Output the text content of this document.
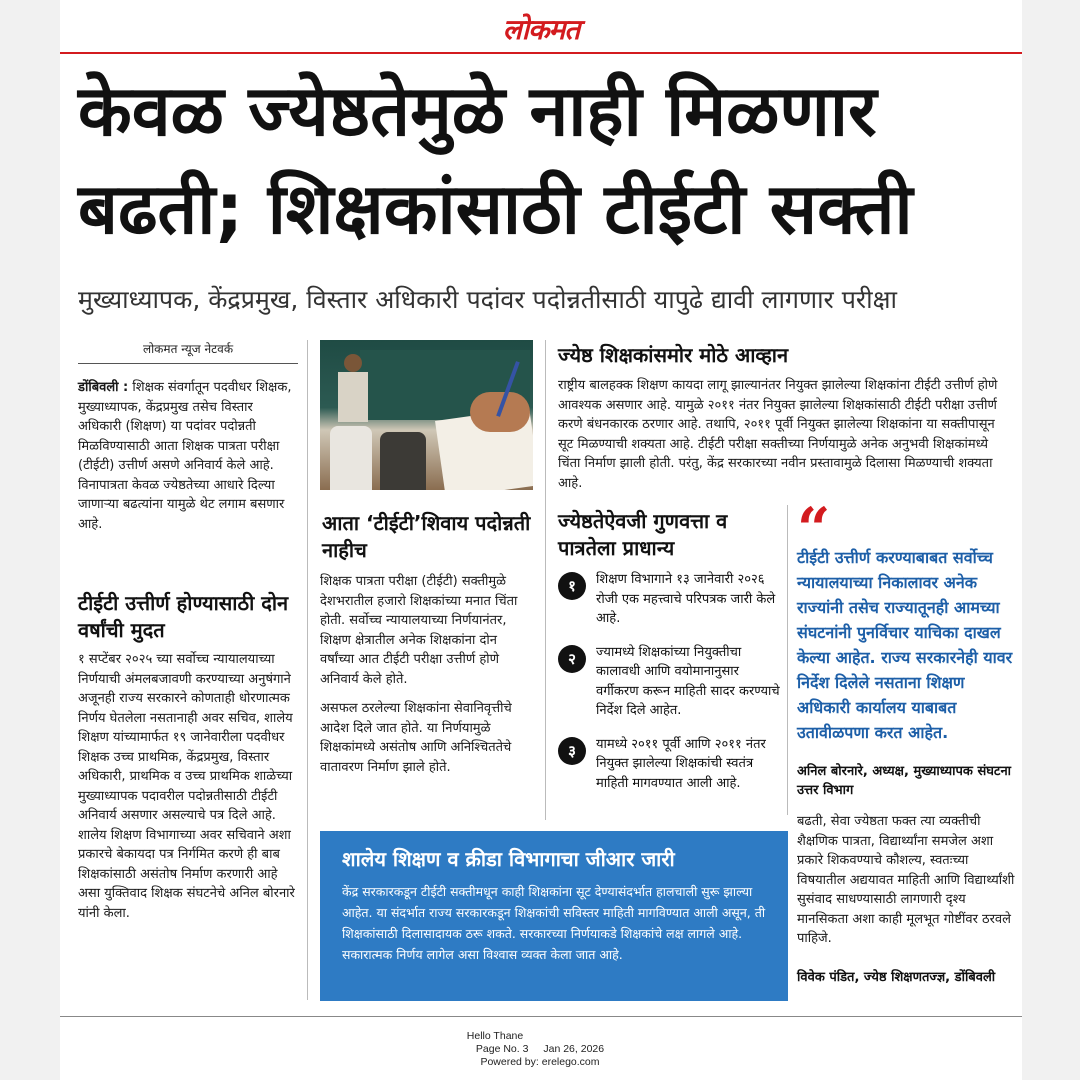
लोकमत
केवळ ज्येष्ठतेमुळे नाही मिळणार बढती; शिक्षकांसाठी टीईटी सक्ती

मुख्याध्यापक, केंद्रप्रमुख, विस्तार अधिकारी पदांवर पदोन्नतीसाठी यापुढे द्यावी लागणार परीक्षा

लोकमत न्यूज नेटवर्क
डोंबिवली : शिक्षक संवर्गातून पदवीधर शिक्षक, मुख्याध्यापक, केंद्रप्रमुख तसेच विस्तार अधिकारी (शिक्षण) या पदांवर पदोन्नती मिळविण्यासाठी आता शिक्षक पात्रता परीक्षा (टीईटी) उत्तीर्ण असणे अनिवार्य केले आहे. विनापात्रता केवळ ज्येष्ठतेच्या आधारे दिल्या जाणाऱ्या बढत्यांना यामुळे थेट लगाम बसणार आहे.
टीईटी उत्तीर्ण होण्यासाठी दोन वर्षांची मुदत
१ सप्टेंबर २०२५ च्या सर्वोच्च न्यायालयाच्या निर्णयाची अंमलबजावणी करण्याच्या अनुषंगाने अजूनही राज्य सरकारने कोणताही धोरणात्मक निर्णय घेतलेला नसतानाही अवर सचिव, शालेय शिक्षण यांच्यामार्फत १९ जानेवारीला पदवीधर शिक्षक उच्च प्राथमिक, केंद्रप्रमुख, विस्तार अधिकारी, प्राथमिक व उच्च प्राथमिक शाळेच्या मुख्याध्यापक पदावरील पदोन्नतीसाठी टीईटी अनिवार्य असणार असल्याचे पत्र दिले आहे. शालेय शिक्षण विभागाच्या अवर सचिवाने अशा प्रकारचे बेकायदा पत्र निर्गमित करणे ही बाब शिक्षकांसाठी असंतोष निर्माण करणारी आहे असा युक्तिवाद शिक्षक संघटनेचे अनिल बोरनारे यांनी केला.
आता ‘टीईटी’शिवाय पदोन्नती नाहीच

शिक्षक पात्रता परीक्षा (टीईटी) सक्तीमुळे देशभरातील हजारो शिक्षकांच्या मनात चिंता होती. सर्वोच्च न्यायालयाच्या निर्णयानंतर, शिक्षण क्षेत्रातील अनेक शिक्षकांना दोन वर्षांच्या आत टीईटी परीक्षा उत्तीर्ण होणे अनिवार्य केले होते.

असफल ठरलेल्या शिक्षकांना सेवानिवृत्तीचे आदेश दिले जात होते. या निर्णयामुळे शिक्षकांमध्ये असंतोष आणि अनिश्चिततेचे वातावरण निर्माण झाले होते.

ज्येष्ठ शिक्षकांसमोर मोठे आव्हान
राष्ट्रीय बालहक्क शिक्षण कायदा लागू झाल्यानंतर नियुक्त झालेल्या शिक्षकांना टीईटी उत्तीर्ण होणे आवश्यक असणार आहे. यामुळे २०११ नंतर नियुक्त झालेल्या शिक्षकांसाठी टीईटी परीक्षा उत्तीर्ण करणे बंधनकारक ठरणार आहे. तथापि, २०११ पूर्वी नियुक्त झालेल्या शिक्षकांना या सक्तीपासून सूट मिळण्याची शक्यता आहे. टीईटी परीक्षा सक्तीच्या निर्णयामुळे अनेक अनुभवी शिक्षकांमध्ये चिंता निर्माण झाली होती. परंतु, केंद्र सरकारच्या नवीन प्रस्तावामुळे दिलासा मिळण्याची शक्यता आहे.
ज्येष्ठतेऐवजी गुणवत्ता व पात्रतेला प्राधान्य
१	शिक्षण विभागाने १३ जानेवारी २०२६ रोजी एक महत्त्वाचे परिपत्रक जारी केले आहे.
२	ज्यामध्ये शिक्षकांच्या नियुक्तीचा कालावधी आणि वयोमानानुसार वर्गीकरण करून माहिती सादर करण्याचे निर्देश दिले आहेत.
३	यामध्ये २०११ पूर्वी आणि २०११ नंतर नियुक्त झालेल्या शिक्षकांची स्वतंत्र माहिती मागवण्यात आली आहे.
“
टीईटी उत्तीर्ण करण्याबाबत सर्वोच्च न्यायालयाच्या निकालावर अनेक राज्यांनी तसेच राज्यातूनही आमच्या संघटनांनी पुनर्विचार याचिका दाखल केल्या आहेत. राज्य सरकारनेही यावर निर्देश दिलेले नसताना शिक्षण अधिकारी कार्यालय याबाबत उतावीळपणा करत आहेत.
अनिल बोरनारे, अध्यक्ष, मुख्याध्यापक संघटना उत्तर विभाग
बढती, सेवा ज्येष्ठता फक्त त्या व्यक्तीची शैक्षणिक पात्रता, विद्यार्थ्यांना समजेल अशा प्रकारे शिकवण्याचे कौशल्य, स्वतःच्या विषयातील अद्ययावत माहिती आणि विद्यार्थ्यांशी सुसंवाद साधण्यासाठी लागणारी दृश्य मानसिकता अशा काही मूलभूत गोष्टींवर ठरवले पाहिजे.
विवेक पंडित, ज्येष्ठ शिक्षणतज्ज्ञ, डोंबिवली

शालेय शिक्षण व क्रीडा विभागाचा जीआर जारी

केंद्र सरकारकडून टीईटी सक्तीमधून काही शिक्षकांना सूट देण्यासंदर्भात हालचाली सुरू झाल्या आहेत. या संदर्भात राज्य सरकारकडून शिक्षकांची सविस्तर माहिती मागविण्यात आली असून, ती शिक्षकांसाठी दिलासादायक ठरू शकते. सरकारच्या निर्णयाकडे शिक्षकांचे लक्ष लागले आहे. सकारात्मक निर्णय लागेल असा विश्वास व्यक्त केला जात आहे.

Hello Thane
Page No. 3 Jan 26, 2026
Powered by: erelego.com
